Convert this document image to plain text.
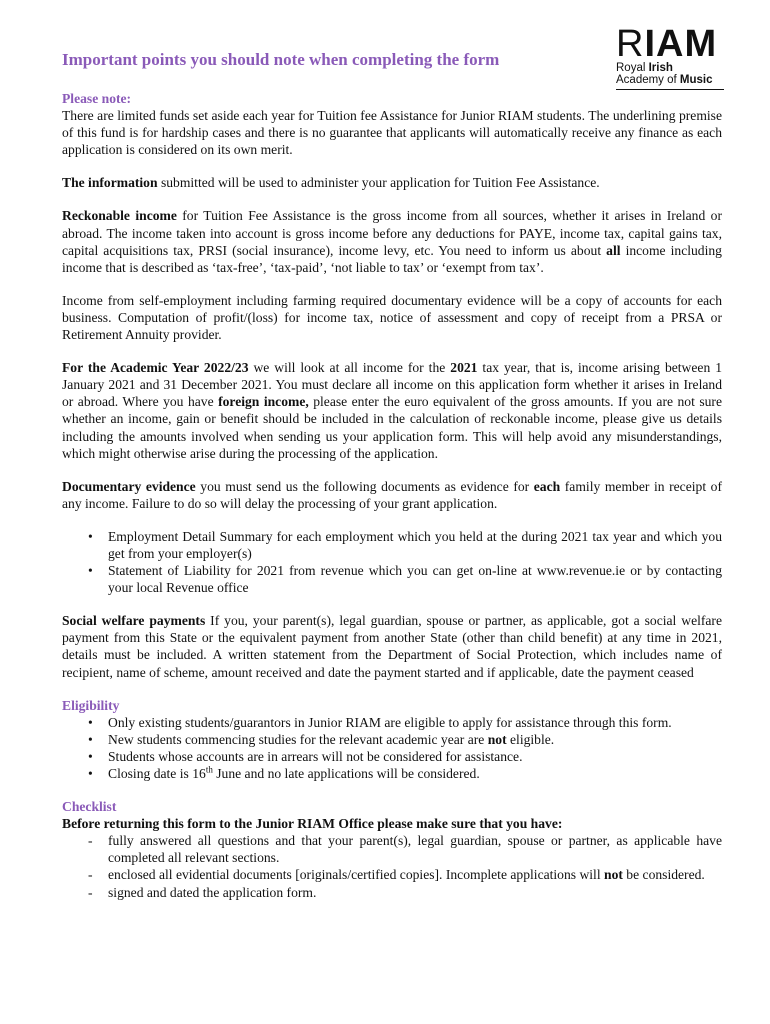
RIAM
Royal Irish
Academy of Music
Important points you should note when completing the form

Please note:
There are limited funds set aside each year for Tuition fee Assistance for Junior RIAM students. The underlining premise of this fund is for hardship cases and there is no guarantee that applicants will automatically receive any finance as each application is considered on its own merit.

The information submitted will be used to administer your application for Tuition Fee Assistance.

Reckonable income for Tuition Fee Assistance is the gross income from all sources, whether it arises in Ireland or abroad. The income taken into account is gross income before any deductions for PAYE, income tax, capital gains tax, capital acquisitions tax, PRSI (social insurance), income levy, etc. You need to inform us about all income including income that is described as ‘tax-free’, ‘tax-paid’, ‘not liable to tax’ or ‘exempt from tax’.

Income from self-employment including farming required documentary evidence will be a copy of accounts for each business. Computation of profit/(loss) for income tax, notice of assessment and copy of receipt from a PRSA or Retirement Annuity provider.

For the Academic Year 2022/23 we will look at all income for the 2021 tax year, that is, income arising between 1 January 2021 and 31 December 2021. You must declare all income on this application form whether it arises in Ireland or abroad. Where you have foreign income, please enter the euro equivalent of the gross amounts. If you are not sure whether an income, gain or benefit should be included in the calculation of reckonable income, please give us details including the amounts involved when sending us your application form. This will help avoid any misunderstandings, which might otherwise arise during the processing of the application.

Documentary evidence you must send us the following documents as evidence for each family member in receipt of any income. Failure to do so will delay the processing of your grant application.

• Employment Detail Summary for each employment which you held at the during 2021 tax year and which you get from your employer(s)
• Statement of Liability for 2021 from revenue which you can get on-line at www.revenue.ie or by contacting your local Revenue office

Social welfare payments If you, your parent(s), legal guardian, spouse or partner, as applicable, got a social welfare payment from this State or the equivalent payment from another State (other than child benefit) at any time in 2021, details must be included. A written statement from the Department of Social Protection, which includes name of recipient, name of scheme, amount received and date the payment started and if applicable, date the payment ceased

Eligibility
• Only existing students/guarantors in Junior RIAM are eligible to apply for assistance through this form.
• New students commencing studies for the relevant academic year are not eligible.
• Students whose accounts are in arrears will not be considered for assistance.
• Closing date is 16th June and no late applications will be considered.
Checklist
Before returning this form to the Junior RIAM Office please make sure that you have:
- fully answered all questions and that your parent(s), legal guardian, spouse or partner, as applicable have completed all relevant sections.
- enclosed all evidential documents [originals/certified copies]. Incomplete applications will not be considered.
- signed and dated the application form.
